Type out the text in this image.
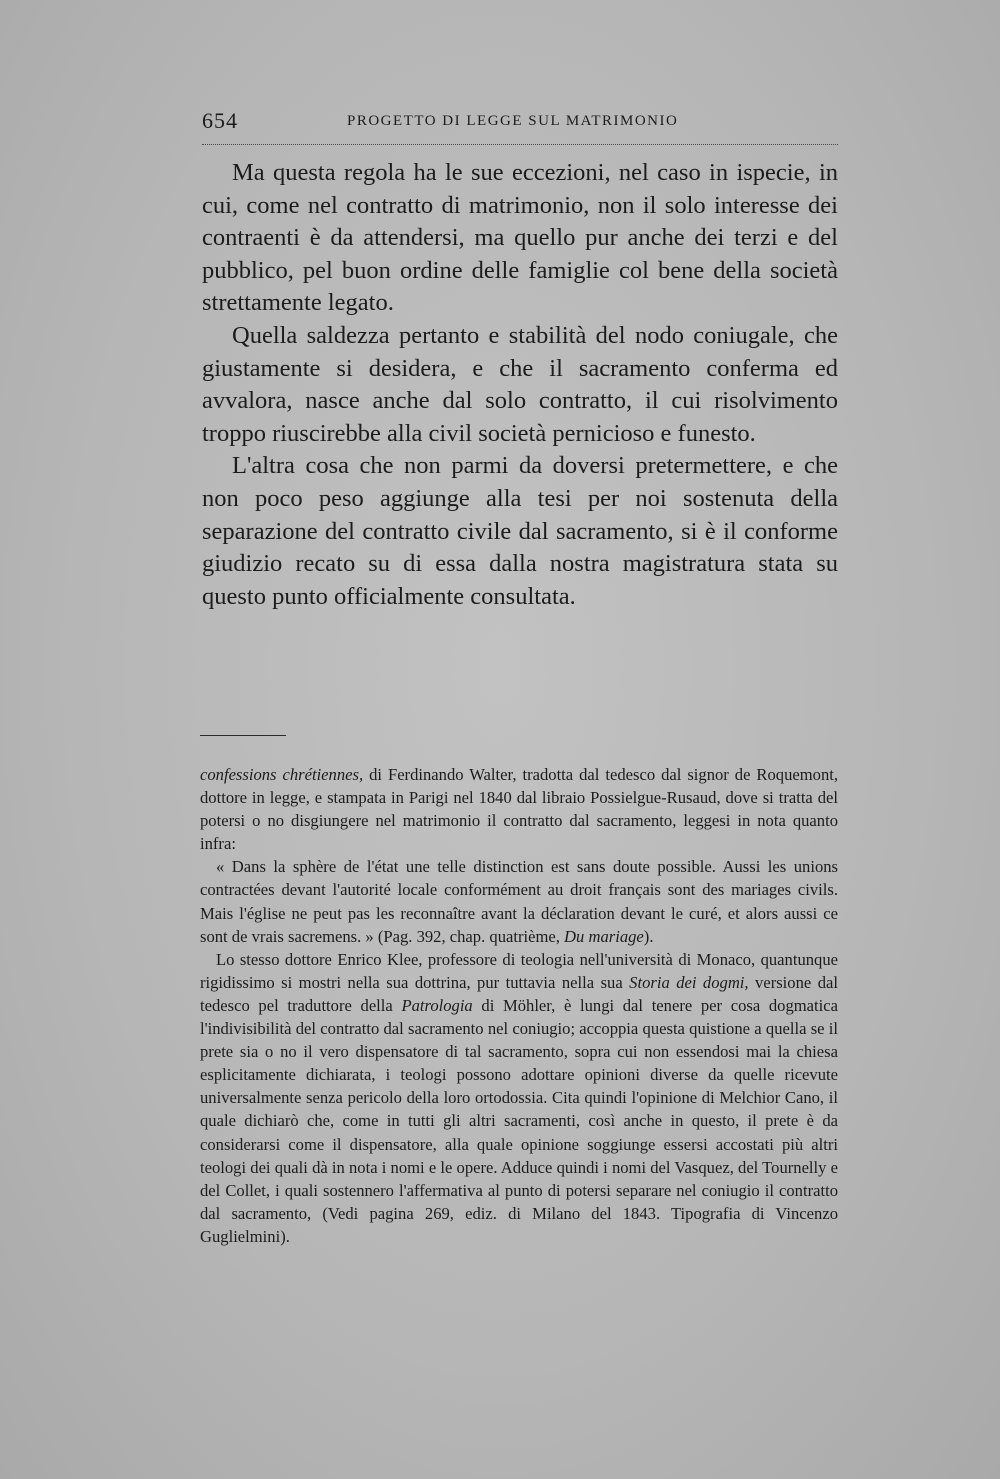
654	PROGETTO DI LEGGE SUL MATRIMONIO

Ma questa regola ha le sue eccezioni, nel caso in ispecie, in cui, come nel contratto di matrimonio, non il solo interesse dei contraenti è da attendersi, ma quello pur anche dei terzi e del pubblico, pel buon ordine delle famiglie col bene della società strettamente legato.

Quella saldezza pertanto e stabilità del nodo coniugale, che giustamente si desidera, e che il sacramento conferma ed avvalora, nasce anche dal solo contratto, il cui risolvimento troppo riuscirebbe alla civil società pernicioso e funesto.

L'altra cosa che non parmi da doversi pretermettere, e che non poco peso aggiunge alla tesi per noi sostenuta della separazione del contratto civile dal sacramento, si è il conforme giudizio recato su di essa dalla nostra magistratura stata su questo punto officialmente consultata.

confessions chrétiennes, di Ferdinando Walter, tradotta dal tedesco dal signor de Roquemont, dottore in legge, e stampata in Parigi nel 1840 dal libraio Possielgue-Rusaud, dove si tratta del potersi o no disgiungere nel matrimonio il contratto dal sacramento, leggesi in nota quanto infra:

« Dans la sphère de l'état une telle distinction est sans doute possible. Aussi les unions contractées devant l'autorité locale conformément au droit français sont des mariages civils. Mais l'église ne peut pas les reconnaître avant la déclaration devant le curé, et alors aussi ce sont de vrais sacremens. » (Pag. 392, chap. quatrième, Du mariage).

Lo stesso dottore Enrico Klee, professore di teologia nell'università di Monaco, quantunque rigidissimo si mostri nella sua dottrina, pur tuttavia nella sua Storia dei dogmi, versione dal tedesco pel traduttore della Patrologia di Möhler, è lungi dal tenere per cosa dogmatica l'indivisibilità del contratto dal sacramento nel coniugio; accoppia questa quistione a quella se il prete sia o no il vero dispensatore di tal sacramento, sopra cui non essendosi mai la chiesa esplicitamente dichiarata, i teologi possono adottare opinioni diverse da quelle ricevute universalmente senza pericolo della loro ortodossia. Cita quindi l'opinione di Melchior Cano, il quale dichiarò che, come in tutti gli altri sacramenti, così anche in questo, il prete è da considerarsi come il dispensatore, alla quale opinione soggiunge essersi accostati più altri teologi dei quali dà in nota i nomi e le opere. Adduce quindi i nomi del Vasquez, del Tournelly e del Collet, i quali sostennero l'affermativa al punto di potersi separare nel coniugio il contratto dal sacramento, (Vedi pagina 269, ediz. di Milano del 1843. Tipografia di Vincenzo Guglielmini).
